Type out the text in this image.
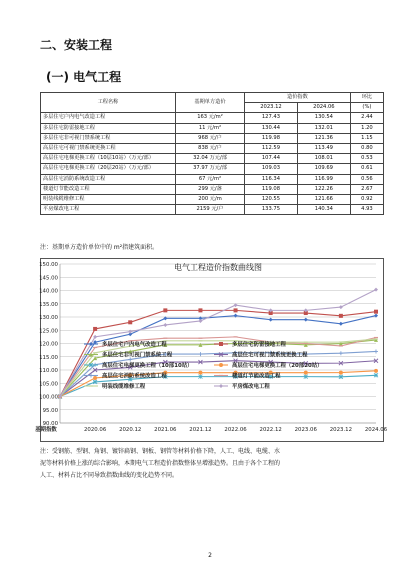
二、安装工程
(一) 电气工程
工程名称	基期单方造价	造价指数		环比
		2023.12	2024.06	(%)
多层住宅户内电气改造工程	163 元/m²	127.43	130.54	2.44
多层住宅防雷接地工程	11 元/m²	130.44	132.01	1.20
多层住宅非可视门禁系统工程	968 元/户	119.98	121.36	1.15
高层住宅可视门禁系统更换工程	838 元/户	112.59	113.49	0.80
高层住宅电梯更换工程（10层10站）（万元/部）	32.04 万元/部	107.44	108.01	0.53
高层住宅电梯更换工程（20层20站）（万元/部）	37.97 万元/部	109.03	109.69	0.61
高层住宅消防系统改造工程	67 元/m²	116.34	116.99	0.56
楼道灯节能改造工程	299 元/盏	119.08	122.26	2.67
明装线缆维修工程	200 元/m	120.55	121.66	0.92
平房煤改电工程	2159 元/户	133.75	140.34	4.93
注：基期单方造价单位中的 m²指建筑面积。
90.00
95.00
100.00
105.00
110.00
115.00
120.00
125.00
130.00
135.00
140.00
145.00
150.00
基期指数	2020.06 2020.12 2021.06 2021.12 2022.06 2022.12 2023.06 2023.12 2024.06
电气工程造价指数曲线图
多层住宅户内电气改造工程	多层住宅防雷接地工程
多层住宅非可视门禁系统工程	高层住宅可视门禁系统更换工程
高层住宅电梯更换工程（10部10站）	高层住宅电梯更换工程（20部20站）
高层住宅消防系统改造工程	楼道灯节能改造工程
明装线缆维修工程	平房煤改电工程
注：受钢筋、型钢、角钢、镀锌扁钢、钢板、钢管等材料价格下降，人工、电线、电缆、水
泥等材料价格上涨的综合影响，本期电气工程造价指数整体呈增涨趋势。且由于各个工程的
人工、材料占比不同导致指数曲线的变化趋势不同。
2
